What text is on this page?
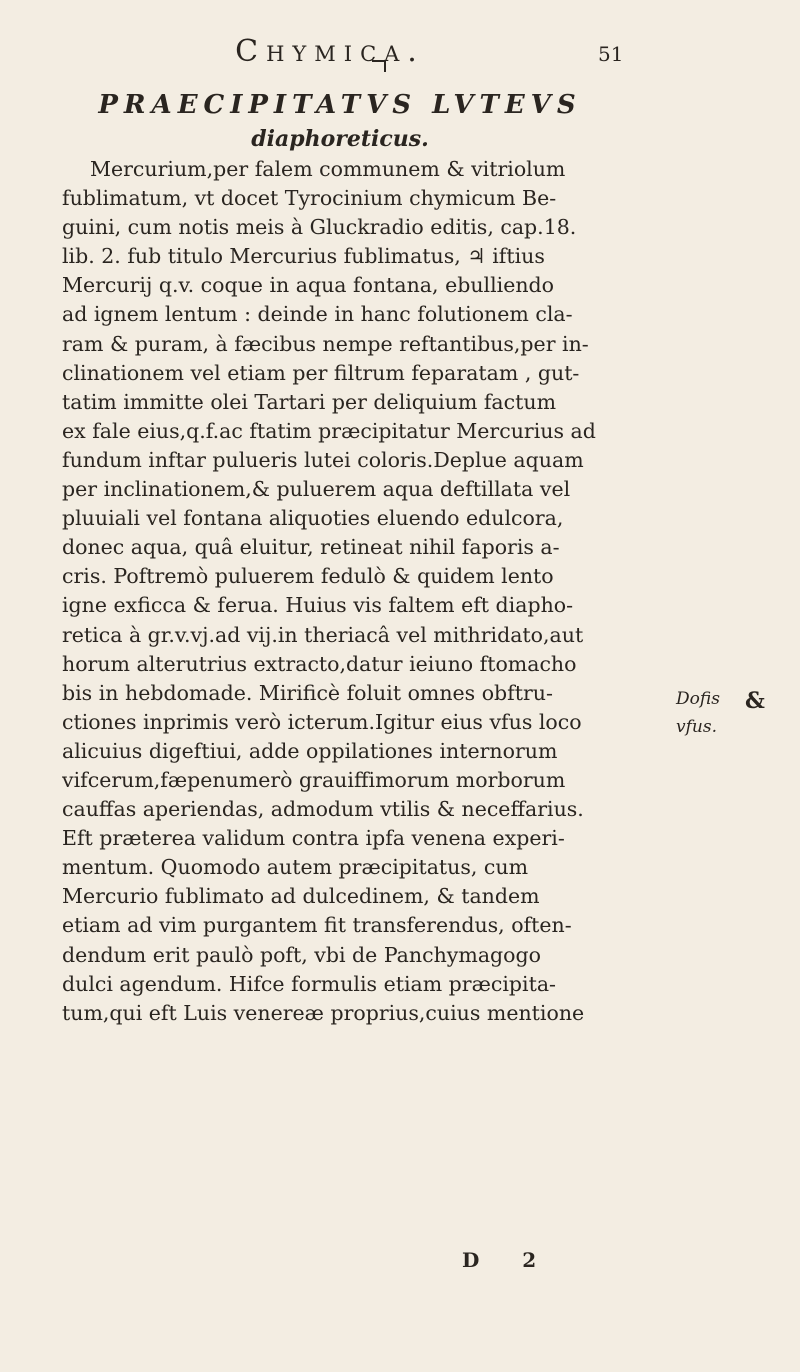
Chymica.	51
PRAECIPITATVS LVTEVS
diaphoreticus.
Mercurium,per falem communem & vitriolum
fublimatum, vt docet Tyrocinium chymicum Be-
guini, cum notis meis à Gluckradio editis, cap.18.
lib. 2. fub titulo Mercurius fublimatus, ♃ iftius
Mercurij q.v. coque in aqua fontana, ebulliendo
ad ignem lentum : deinde in hanc folutionem cla-
ram & puram, à fæcibus nempe reftantibus,per in-
clinationem vel etiam per filtrum feparatam , gut-
tatim immitte olei Tartari per deliquium factum
ex fale eius,q.f.ac ftatim præcipitatur Mercurius ad
fundum inftar pulueris lutei coloris.Deplue aquam
per inclinationem,& puluerem aqua deftillata vel
pluuiali vel fontana aliquoties eluendo edulcora,
donec aqua, quâ eluitur, retineat nihil faporis a-
cris. Poftremò puluerem fedulò & quidem lento
igne exficca & ferua. Huius vis faltem eft diapho-
retica à gr.v.vj.ad vij.in theriacâ vel mithridato,aut
horum alterutrius extracto,datur ieiuno ftomacho
bis in hebdomade. Mirificè foluit omnes obftru-
ctiones inprimis verò icterum.Igitur eius vfus loco
alicuius digeftiui, adde oppilationes internorum
vifcerum,fæpenumerò grauiffimorum morborum
cauffas aperiendas, admodum vtilis & neceffarius.
Eft præterea validum contra ipfa venena experi-
mentum. Quomodo autem præcipitatus, cum
Mercurio fublimato ad dulcedinem, & tandem
etiam ad vim purgantem fit transferendus, often-
dendum erit paulò poft, vbi de Panchymagogo
dulci agendum. Hifce formulis etiam præcipita-
tum,qui eft Luis venereæ proprius,cuius mentione
Dofis
vfus.
&
D 2
